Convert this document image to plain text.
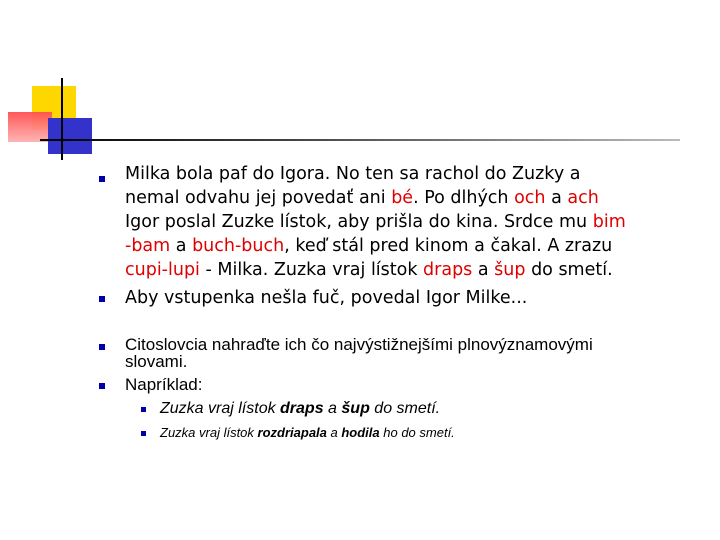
Milka bola paf do Igora. No ten sa rachol do Zuzky a
nemal odvahu jej povedať ani bé. Po dlhých och a ach
Igor poslal Zuzke lístok, aby prišla do kina. Srdce mu bim
-bam a buch-buch, keď stál pred kinom a čakal. A zrazu
cupi-lupi - Milka. Zuzka vraj lístok draps a šup do smetí.
Aby vstupenka nešla fuč, povedal Igor Milke...
Citoslovcia nahraďte ich čo najvýstižnejšími plnovýznamovými
slovami.
Napríklad:
Zuzka vraj lístok draps a šup do smetí.
Zuzka vraj lístok rozdriapala a hodila ho do smetí.
